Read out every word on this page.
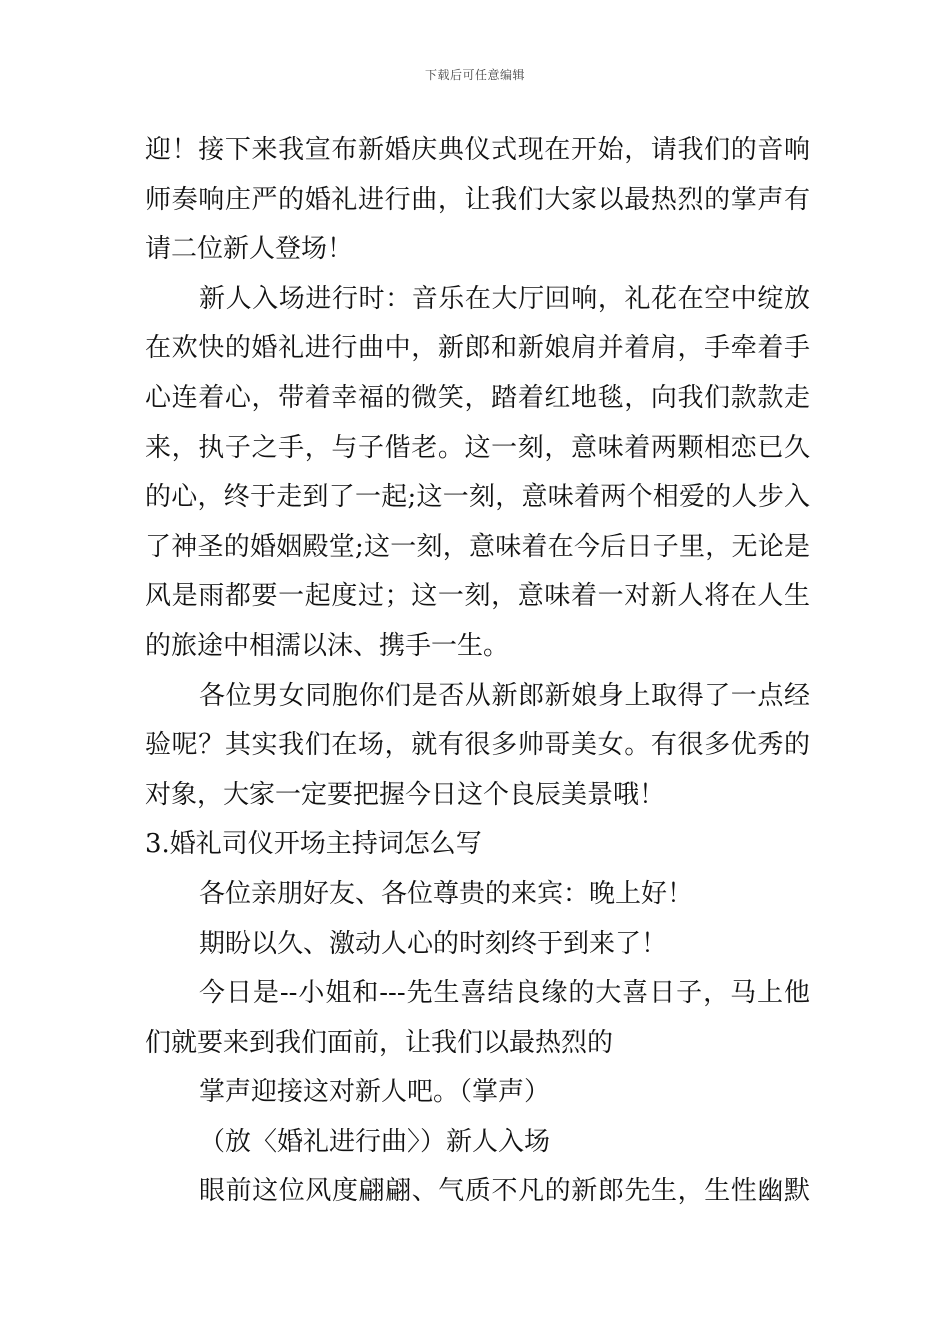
下载后可任意编辑
迎！接下来我宣布新婚庆典仪式现在开始，请我们的音响
师奏响庄严的婚礼进行曲，让我们大家以最热烈的掌声有
请二位新人登场！
新人入场进行时：音乐在大厅回响，礼花在空中绽放
在欢快的婚礼进行曲中，新郎和新娘肩并着肩，手牵着手
心连着心，带着幸福的微笑，踏着红地毯，向我们款款走
来，执子之手，与子偕老。这一刻，意味着两颗相恋已久
的心，终于走到了一起;这一刻，意味着两个相爱的人步入
了神圣的婚姻殿堂;这一刻，意味着在今后日子里，无论是
风是雨都要一起度过；这一刻，意味着一对新人将在人生
的旅途中相濡以沫、携手一生。
各位男女同胞你们是否从新郎新娘身上取得了一点经
验呢？其实我们在场，就有很多帅哥美女。有很多优秀的
对象，大家一定要把握今日这个良辰美景哦！
3.婚礼司仪开场主持词怎么写
各位亲朋好友、各位尊贵的来宾：晚上好！
期盼以久、激动人心的时刻终于到来了！
今日是--小姐和---先生喜结良缘的大喜日子，马上他
们就要来到我们面前，让我们以最热烈的
掌声迎接这对新人吧。（掌声）
（放〈婚礼进行曲〉）新人入场
眼前这位风度翩翩、气质不凡的新郎先生，生性幽默
